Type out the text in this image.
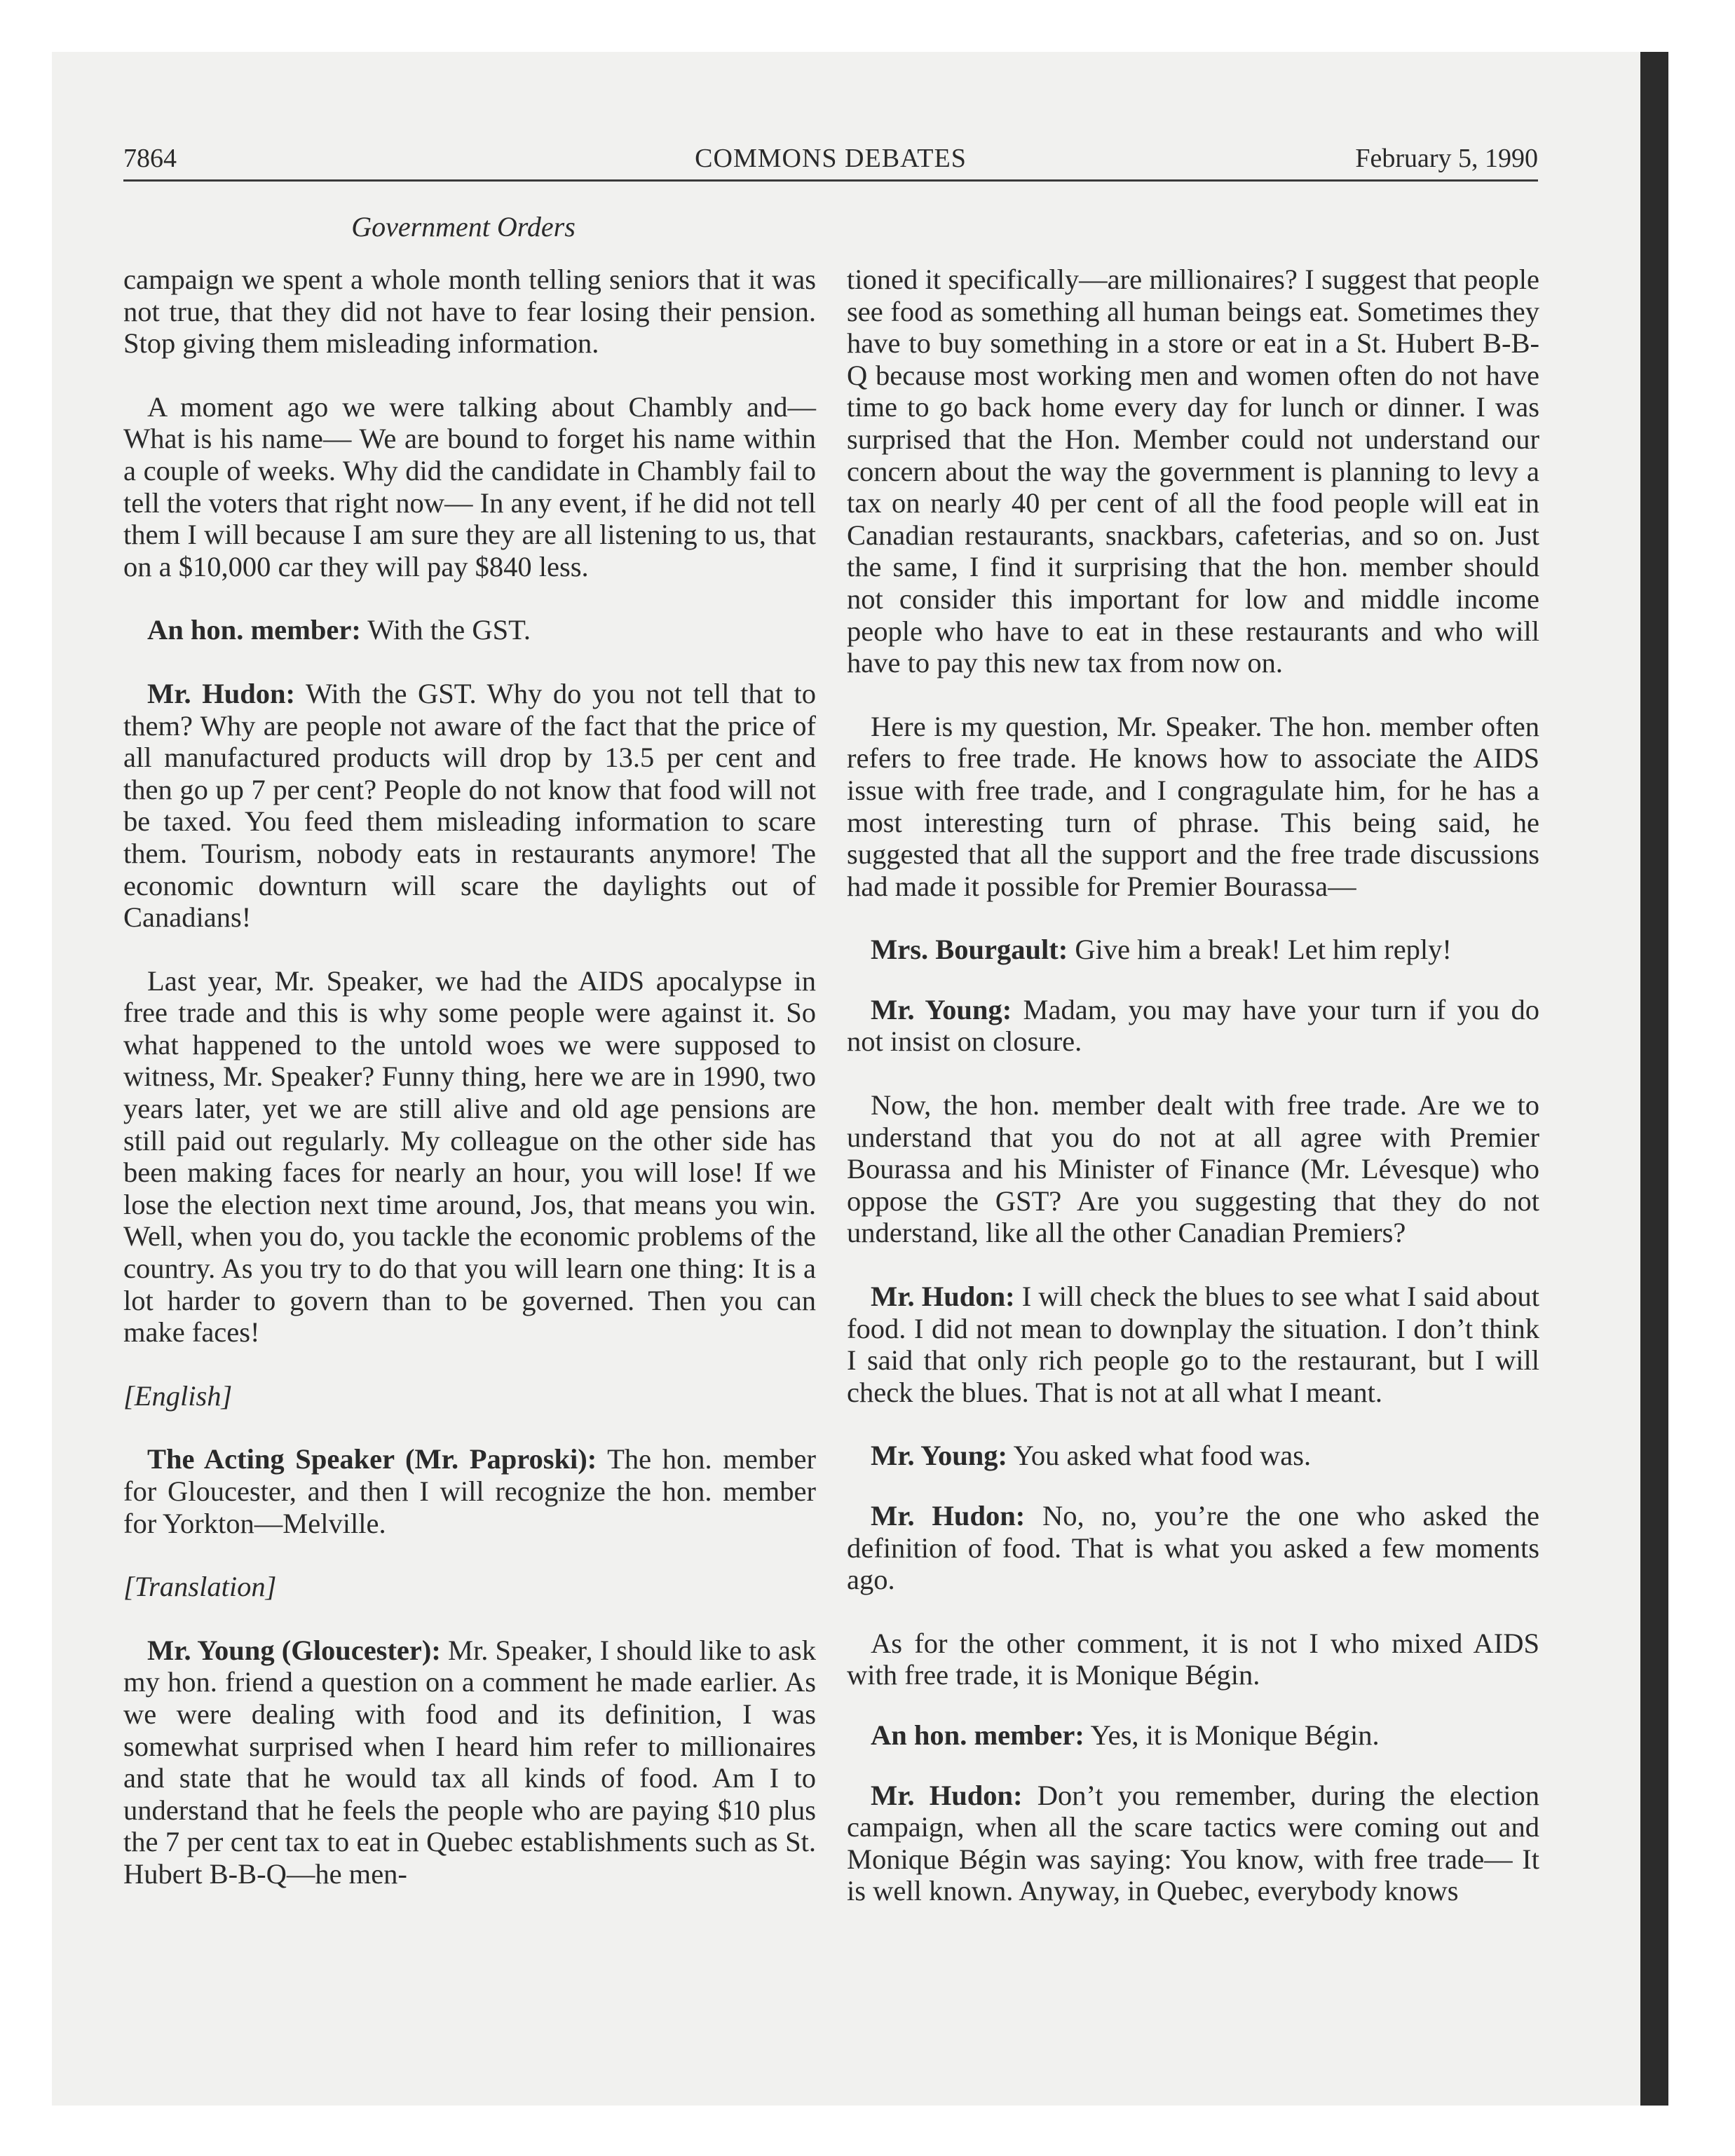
7864	COMMONS DEBATES	February 5, 1990
Government Orders

campaign we spent a whole month telling seniors that it was not true, that they did not have to fear losing their pension. Stop giving them misleading information.

A moment ago we were talking about Chambly and— What is his name— We are bound to forget his name within a couple of weeks. Why did the candidate in Chambly fail to tell the voters that right now— In any event, if he did not tell them I will because I am sure they are all listening to us, that on a $10,000 car they will pay $840 less.

An hon. member: With the GST.

Mr. Hudon: With the GST. Why do you not tell that to them? Why are people not aware of the fact that the price of all manufactured products will drop by 13.5 per cent and then go up 7 per cent? People do not know that food will not be taxed. You feed them misleading information to scare them. Tourism, nobody eats in restaurants anymore! The economic downturn will scare the daylights out of Canadians!

Last year, Mr. Speaker, we had the AIDS apocalypse in free trade and this is why some people were against it. So what happened to the untold woes we were supposed to witness, Mr. Speaker? Funny thing, here we are in 1990, two years later, yet we are still alive and old age pensions are still paid out regularly. My colleague on the other side has been making faces for nearly an hour, you will lose! If we lose the election next time around, Jos, that means you win. Well, when you do, you tackle the economic problems of the country. As you try to do that you will learn one thing: It is a lot harder to govern than to be governed. Then you can make faces!

[English]

The Acting Speaker (Mr. Paproski): The hon. member for Gloucester, and then I will recognize the hon. member for Yorkton—Melville.

[Translation]

Mr. Young (Gloucester): Mr. Speaker, I should like to ask my hon. friend a question on a comment he made earlier. As we were dealing with food and its definition, I was somewhat surprised when I heard him refer to millionaires and state that he would tax all kinds of food. Am I to understand that he feels the people who are paying $10 plus the 7 per cent tax to eat in Quebec establishments such as St. Hubert B-B-Q—he men-

tioned it specifically—are millionaires? I suggest that people see food as something all human beings eat. Sometimes they have to buy something in a store or eat in a St. Hubert B-B-Q because most working men and women often do not have time to go back home every day for lunch or dinner. I was surprised that the Hon. Member could not understand our concern about the way the government is planning to levy a tax on nearly 40 per cent of all the food people will eat in Canadian restaurants, snackbars, cafeterias, and so on. Just the same, I find it surprising that the hon. member should not consider this important for low and middle income people who have to eat in these restaurants and who will have to pay this new tax from now on.

Here is my question, Mr. Speaker. The hon. member often refers to free trade. He knows how to associate the AIDS issue with free trade, and I congragulate him, for he has a most interesting turn of phrase. This being said, he suggested that all the support and the free trade discussions had made it possible for Premier Bourassa—

Mrs. Bourgault: Give him a break! Let him reply!

Mr. Young: Madam, you may have your turn if you do not insist on closure.

Now, the hon. member dealt with free trade. Are we to understand that you do not at all agree with Premier Bourassa and his Minister of Finance (Mr. Lévesque) who oppose the GST? Are you suggesting that they do not understand, like all the other Canadian Premiers?

Mr. Hudon: I will check the blues to see what I said about food. I did not mean to downplay the situation. I don’t think I said that only rich people go to the restaurant, but I will check the blues. That is not at all what I meant.

Mr. Young: You asked what food was.

Mr. Hudon: No, no, you’re the one who asked the definition of food. That is what you asked a few moments ago.

As for the other comment, it is not I who mixed AIDS with free trade, it is Monique Bégin.

An hon. member: Yes, it is Monique Bégin.

Mr. Hudon: Don’t you remember, during the election campaign, when all the scare tactics were coming out and Monique Bégin was saying: You know, with free trade— It is well known. Anyway, in Quebec, everybody knows
